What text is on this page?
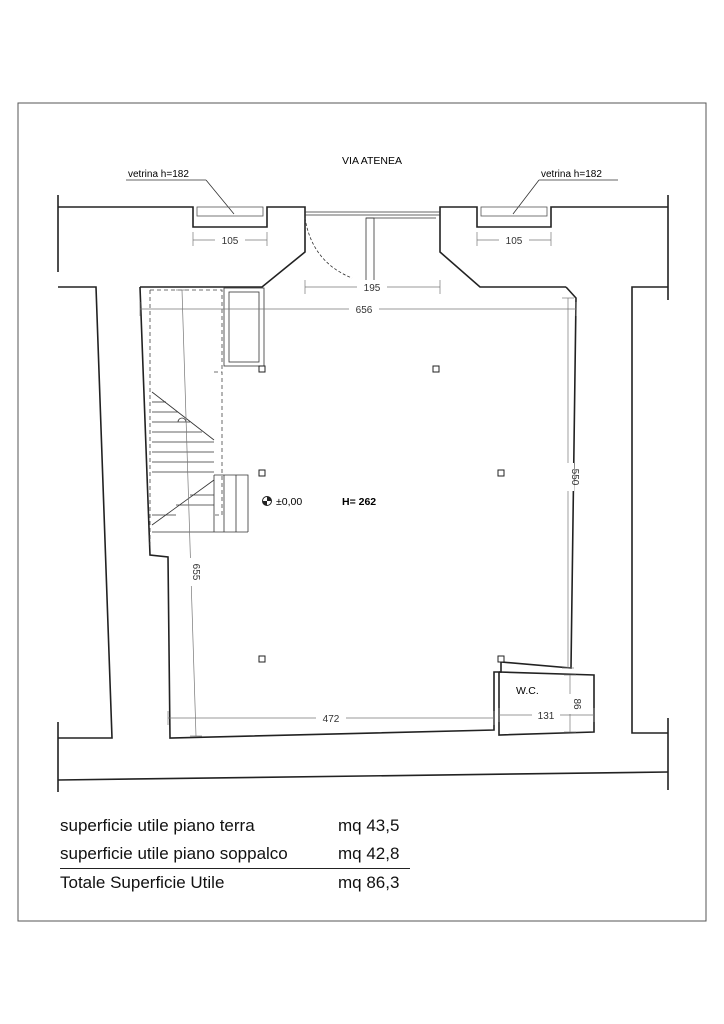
VIA ATENEA
vetrina h=182	vetrina h=182
±0,00	H= 262
W.C.
105	105
195
656
550
655
472	131
86
superficie utile piano terra	mq 43,5
superficie utile piano soppalco	mq 42,8
Totale Superficie Utile	mq 86,3
